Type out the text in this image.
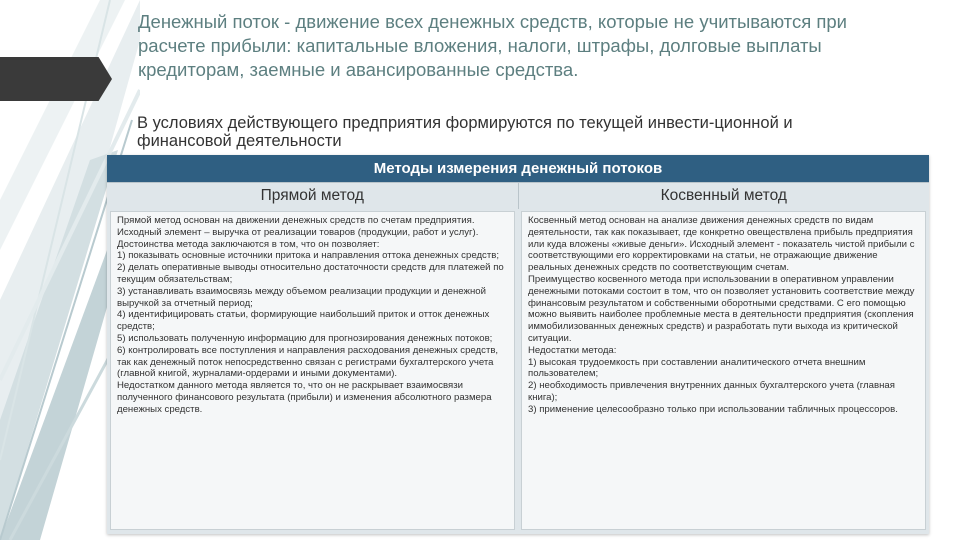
Денежный поток - движение всех денежных средств, которые не учитываются при расчете прибыли: капитальные вложения, налоги, штрафы, долговые выплаты кредиторам, заемные и авансированные средства.
В условиях действующего предприятия формируются по текущей инвести-ционной и финансовой деятельности
Методы измерения денежный потоков
Прямой метод	Косвенный метод
Прямой метод основан на движении денежных средств по счетам предприятия. Исходный элемент – выручка от реализации товаров (продукции, работ и услуг).
Достоинства метода заключаются в том, что он позволяет:
1) показывать основные источники притока и направления оттока денежных средств;
2) делать оперативные выводы относительно достаточности средств для платежей по текущим обязательствам;
3) устанавливать взаимосвязь между объемом реализации продукции и денежной выручкой за отчетный период;
4) идентифицировать статьи, формирующие наибольший приток и отток денежных средств;
5) использовать полученную информацию для прогнозирования денежных потоков;
6) контролировать все поступления и направления расходования денежных средств, так как денежный поток непосредственно связан с регистрами бухгалтерского учета (главной книгой, журналами-ордерами и иными документами).
Недостатком данного метода является то, что он не раскрывает взаимосвязи полученного финансового результата (прибыли) и изменения абсолютного размера денежных средств.
Косвенный метод основан на анализе движения денежных средств по видам деятельности, так как показывает, где конкретно овеществлена прибыль предприятия или куда вложены «живые деньги». Исходный элемент - показатель чистой прибыли с соответствующими его корректировками на статьи, не отражающие движение реальных денежных средств по соответствующим счетам.
Преимущество косвенного метода при использовании в оперативном управлении денежными потоками состоит в том, что он позволяет установить соответствие между финансовым результатом и собственными оборотными средствами. С его помощью можно выявить наиболее проблемные места в деятельности предприятия (скопления иммобилизованных денежных средств) и разработать пути выхода из критической ситуации.
Недостатки метода:
1) высокая трудоемкость при составлении аналитического отчета внешним пользователем;
2) необходимость привлечения внутренних данных бухгалтерского учета (главная книга);
3) применение целесообразно только при использовании табличных процессоров.
